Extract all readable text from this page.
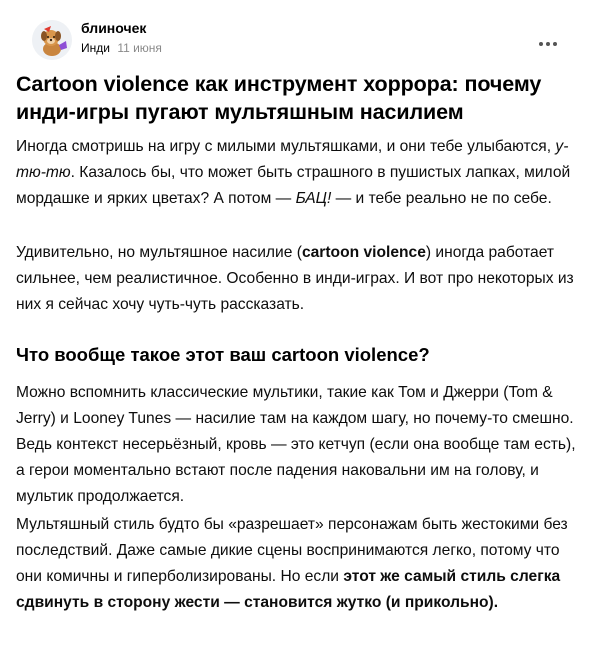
блиночек
Инди 11 июня
Cartoon violence как инструмент хоррора: почему инди-игры пугают мультяшным насилием
Иногда смотришь на игру с милыми мультяшками, и они тебе улыбаются, у-тю-тю. Казалось бы, что может быть страшного в пушистых лапках, милой мордашке и ярких цветах? А потом — БАЦ! — и тебе реально не по себе.
Удивительно, но мультяшное насилие (cartoon violence) иногда работает сильнее, чем реалистичное. Особенно в инди-играх. И вот про некоторых из них я сейчас хочу чуть-чуть рассказать.
Что вообще такое этот ваш cartoon violence?
Можно вспомнить классические мультики, такие как Том и Джерри (Tom & Jerry) и Looney Tunes — насилие там на каждом шагу, но почему-то смешно. Ведь контекст несерьёзный, кровь — это кетчуп (если она вообще там есть), а герои моментально встают после падения наковальни им на голову, и мультик продолжается.
Мультяшный стиль будто бы «разрешает» персонажам быть жестокими без последствий. Даже самые дикие сцены воспринимаются легко, потому что они комичны и гиперболизированы. Но если этот же самый стиль слегка сдвинуть в сторону жести — становится жутко (и прикольно).
